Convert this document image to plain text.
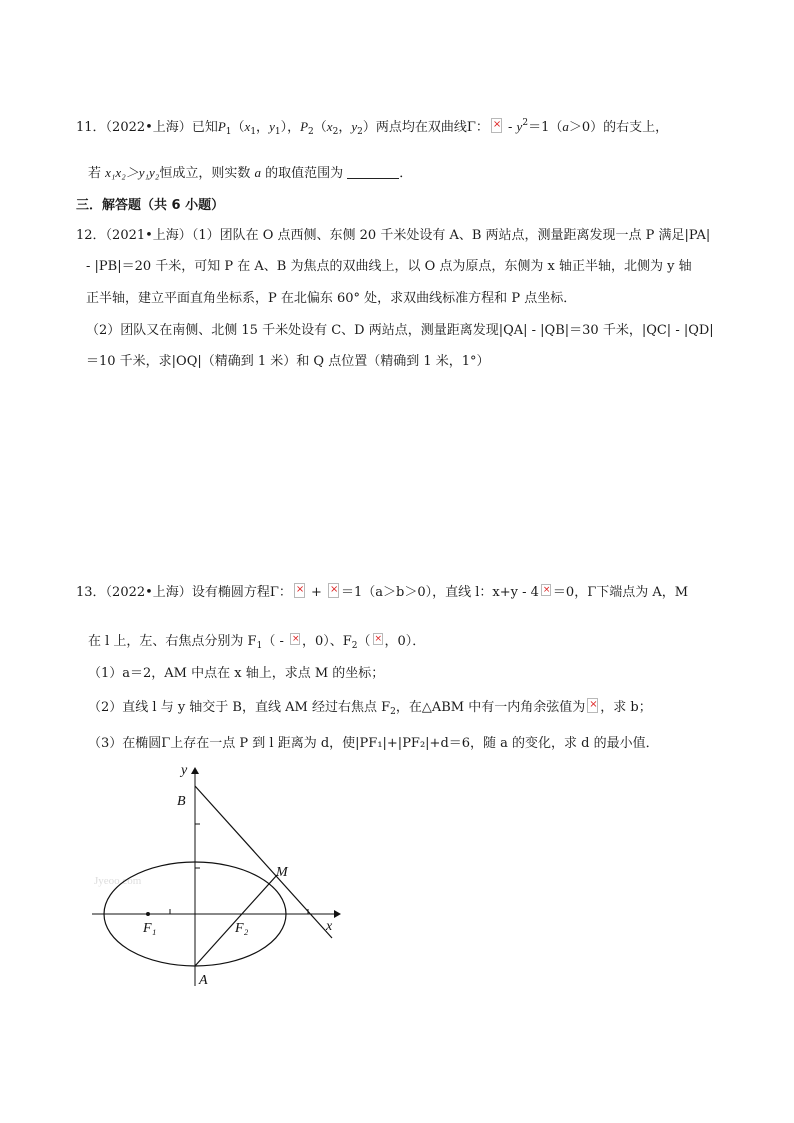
11．（2022•上海）已知$P_1(x_1$，$y_1$），$P_2(x_2$，$y_2$）两点均在双曲线Γ：× - $y^2=1(a>0)$的右支上，
若 x₁x₂＞y₁y₂恒成立，则实数 a 的取值范围为	．
三．解答题（共 6 小题）
12．（2021•上海）（1）团队在 O 点西侧、东侧 20 千米处设有 A、B 两站点，测量距离发现一点 P 满足|PA|
- |PB|＝20 千米，可知 P 在 A、B 为焦点的双曲线上，以 O 点为原点，东侧为 x 轴正半轴，北侧为 y 轴
正半轴，建立平面直角坐标系，P 在北偏东 60° 处，求双曲线标准方程和 P 点坐标．
（2）团队又在南侧、北侧 15 千米处设有 C、D 两站点，测量距离发现|QA| - |QB|＝30 千米，|QC| - |QD|
＝10 千米，求|OQ|（精确到 1 米）和 Q 点位置（精确到 1 米，1°）
13．（2022•上海）设有椭圆方程Γ：× + ×＝1（a＞b＞0），直线 l：x+y - 4× ＝0，Γ下端点为 A，M
在 l 上，左、右焦点分别为 $F_1$（ - ×，0）、$F_2(\times$ ，0）．
（1）a＝2，AM 中点在 x 轴上，求点 M 的坐标；
（2）直线 l 与 y 轴交于 B，直线 AM 经过右焦点 $F_2$，在△ABM 中有一内角余弦值为× ，求 b；
（3）在椭圆Γ上存在一点 P 到 l 距离为 d，使|PF₁|+|PF₂|+d＝6，随 a 的变化，求 d 的最小值．
Jyeoo.com
y
x
B
M
F₁	F₂
A
